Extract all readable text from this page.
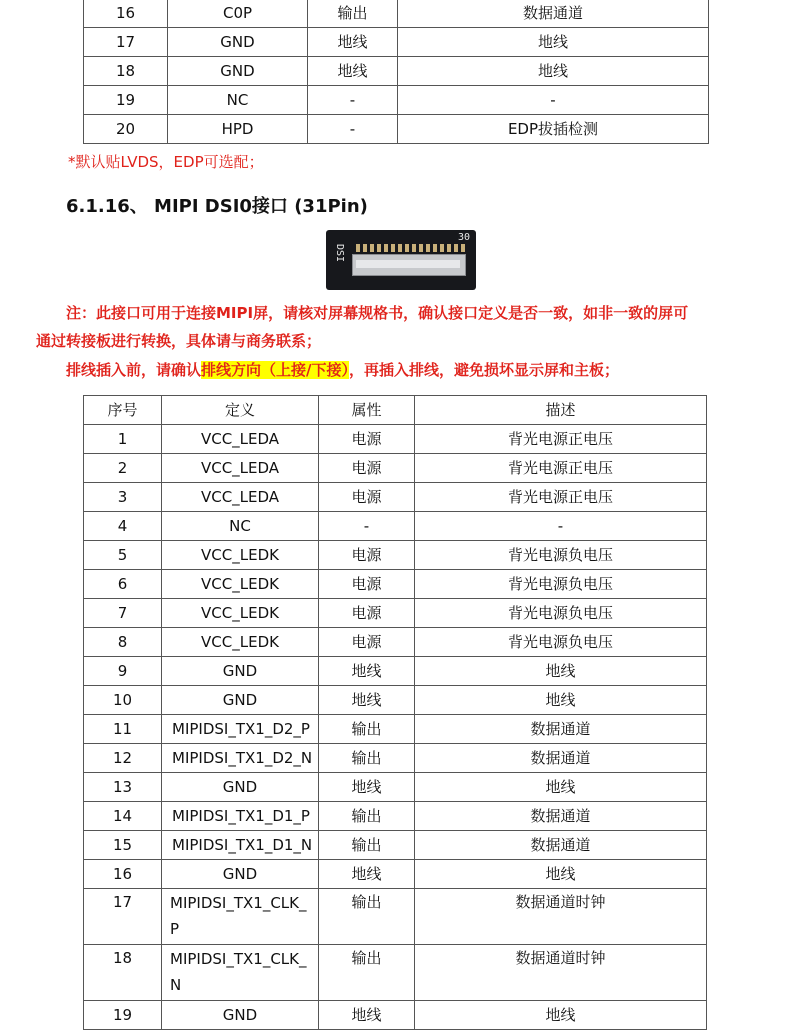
16	C0P	输出	数据通道
17	GND	地线	地线
18	GND	地线	地线
19	NC	-	-
20	HPD	-	EDP拔插检测
*默认贴LVDS，EDP可选配；
6.1.16、 MIPI DSI0接口 (31Pin)
30
DSI
注：此接口可用于连接MIPI屏，请核对屏幕规格书，确认接口定义是否一致，如非一致的屏可
通过转接板进行转换，具体请与商务联系；
排线插入前，请确认排线方向（上接/下接），再插入排线，避免损坏显示屏和主板；
序号	定义	属性	描述
1	VCC_LEDA	电源	背光电源正电压
2	VCC_LEDA	电源	背光电源正电压
3	VCC_LEDA	电源	背光电源正电压
4	NC	-	-
5	VCC_LEDK	电源	背光电源负电压
6	VCC_LEDK	电源	背光电源负电压
7	VCC_LEDK	电源	背光电源负电压
8	VCC_LEDK	电源	背光电源负电压
9	GND	地线	地线
10	GND	地线	地线
11	MIPIDSI_TX1_D2_P	输出	数据通道
12	MIPIDSI_TX1_D2_N	输出	数据通道
13	GND	地线	地线
14	MIPIDSI_TX1_D1_P	输出	数据通道
15	MIPIDSI_TX1_D1_N	输出	数据通道
16	GND	地线	地线
17	MIPIDSI_TX1_CLK_P	输出	数据通道时钟
18	MIPIDSI_TX1_CLK_N	输出	数据通道时钟
19	GND	地线	地线
